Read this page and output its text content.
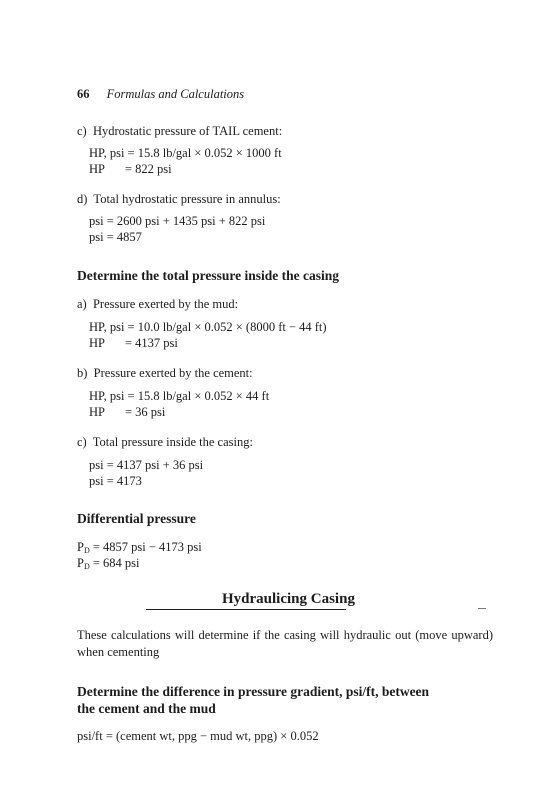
66 Formulas and Calculations
c)  Hydrostatic pressure of TAIL cement:
HP, psi = 15.8 lb/gal × 0.052 × 1000 ft
HP = 822 psi
d)  Total hydrostatic pressure in annulus:
psi = 2600 psi + 1435 psi + 822 psi
psi = 4857
Determine the total pressure inside the casing
a)  Pressure exerted by the mud:
HP, psi = 10.0 lb/gal × 0.052 × (8000 ft − 44 ft)
HP = 4137 psi
b)  Pressure exerted by the cement:
HP, psi = 15.8 lb/gal × 0.052 × 44 ft
HP = 36 psi
c)  Total pressure inside the casing:
psi = 4137 psi + 36 psi
psi = 4173
Differential pressure
$P_D = 4857$ psi − 4173 psi
$P_D = 684$ psi
Hydraulicing Casing
These calculations will determine if the casing will hydraulic out (move upward) when cementing
Determine the difference in pressure gradient, psi/ft, between
the cement and the mud
psi/ft = (cement wt, ppg − mud wt, ppg) × 0.052
